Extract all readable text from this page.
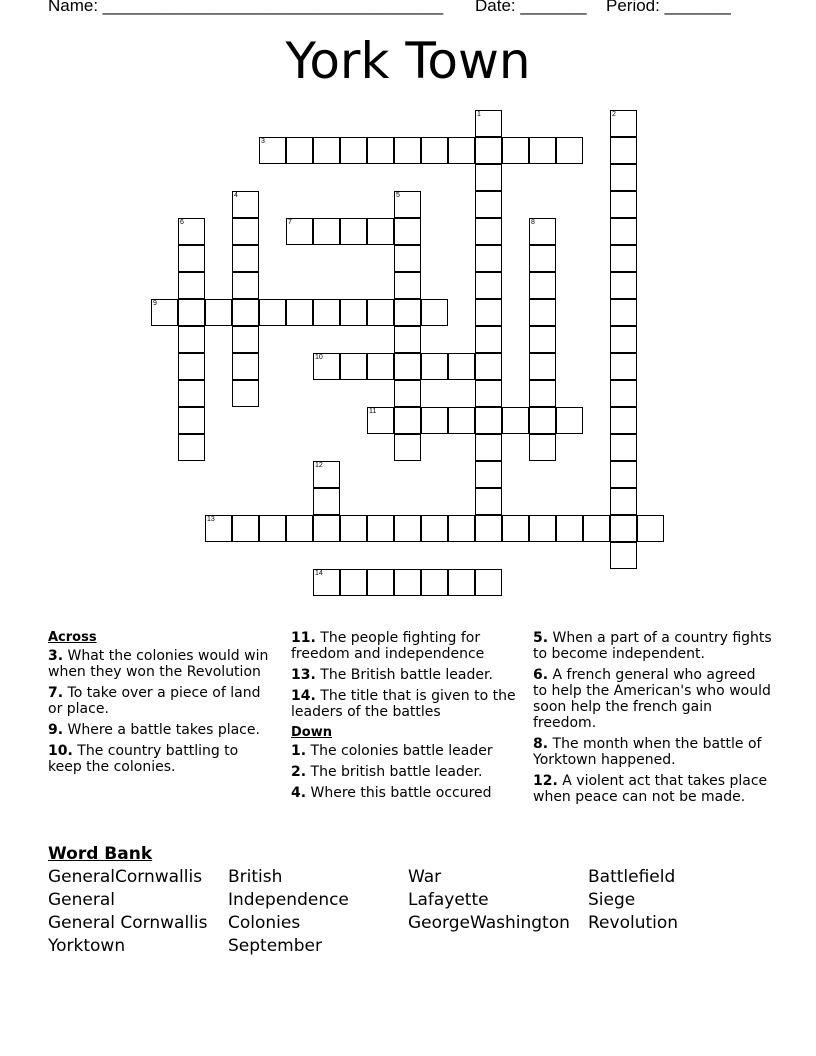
Name: ____________________________________ Date: _______ Period: _______
York Town
1	2
3
4	5
6	7	8
9
10
11
12
13
14
Across
3. What the colonies would win when they won the Revolution
7. To take over a piece of land or place.
9. Where a battle takes place.
10. The country battling to keep the colonies.
11. The people fighting for freedom and independence
13. The British battle leader.
14. The title that is given to the leaders of the battles
Down
1. The colonies battle leader
2. The british battle leader.
4. Where this battle occured
5. When a part of a country fights to become independent.
6. A french general who agreed to help the American's who would soon help the french gain freedom.
8. The month when the battle of Yorktown happened.
12. A violent act that takes place when peace can not be made.
Word Bank
GeneralCornwallis	British	War	Battlefield
General	Independence	Lafayette	Siege
General Cornwallis	Colonies	GeorgeWashington	Revolution
Yorktown	September
